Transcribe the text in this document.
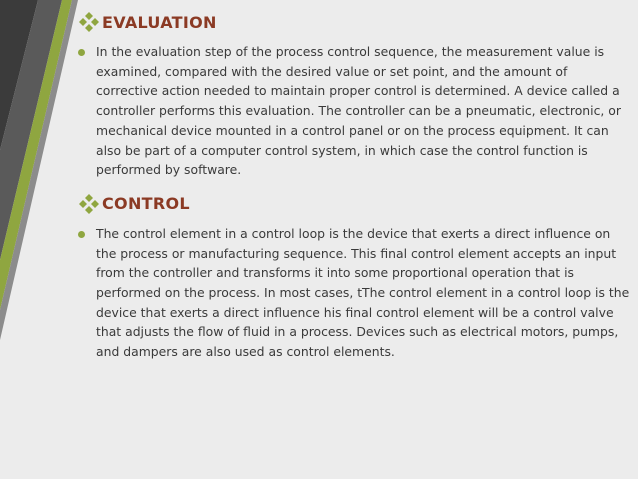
EVALUATION
In the evaluation step of the process control sequence, the measurement value is examined, compared with the desired value or set point, and the amount of corrective action needed to maintain proper control is determined. A device called a controller performs this evaluation. The controller can be a pneumatic, electronic, or mechanical device mounted in a control panel or on the process equipment. It can also be part of a computer control system, in which case the control function is performed by software.
CONTROL
The control element in a control loop is the device that exerts a direct influence on the process or manufacturing sequence. This final control element accepts an input from the controller and transforms it into some proportional operation that is performed on the process. In most cases, tThe control element in a control loop is the device that exerts a direct influence his final control element will be a control valve that adjusts the flow of fluid in a process. Devices such as electrical motors, pumps, and dampers are also used as control elements.
